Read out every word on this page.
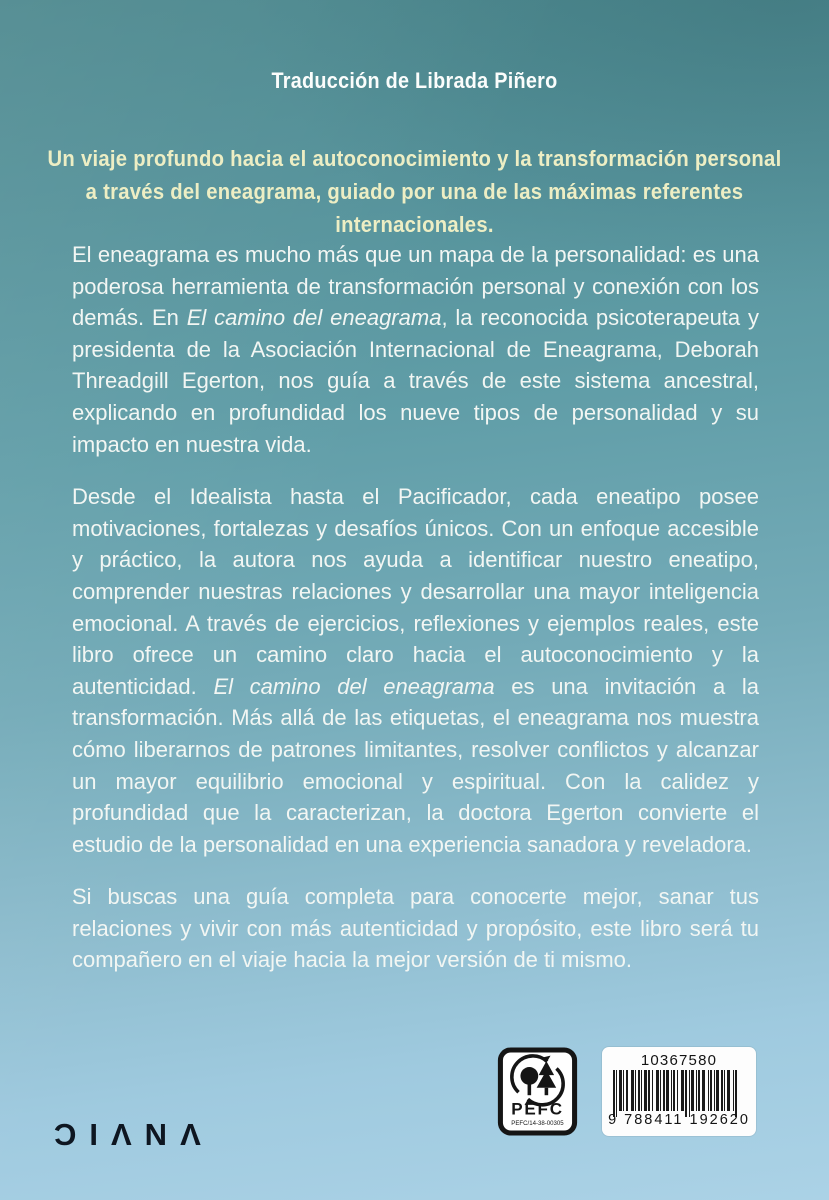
Traducción de Librada Piñero
Un viaje profundo hacia el autoconocimiento y la transformación personal
a través del eneagrama, guiado por una de las máximas referentes internacionales.

El eneagrama es mucho más que un mapa de la personalidad: es una poderosa herramienta de transformación personal y conexión con los demás. En El camino del eneagrama, la reconocida psicoterapeuta y presidenta de la Asociación Internacional de Eneagrama, Deborah Threadgill Egerton, nos guía a través de este sistema ancestral, explicando en profundidad los nueve tipos de personalidad y su impacto en nuestra vida.

Desde el Idealista hasta el Pacificador, cada eneatipo posee motivaciones, fortalezas y desafíos únicos. Con un enfoque accesible y práctico, la autora nos ayuda a identificar nuestro eneatipo, comprender nuestras relaciones y desarrollar una mayor inteligencia emocional. A través de ejercicios, reflexiones y ejemplos reales, este libro ofrece un camino claro hacia el autoconocimiento y la autenticidad. El camino del eneagrama es una invitación a la transformación. Más allá de las etiquetas, el eneagrama nos muestra cómo liberarnos de patrones limitantes, resolver conflictos y alcanzar un mayor equilibrio emocional y espiritual. Con la calidez y profundidad que la caracterizan, la doctora Egerton convierte el estudio de la personalidad en una experiencia sanadora y reveladora.

Si buscas una guía completa para conocerte mejor, sanar tus relaciones y vivir con más autenticidad y propósito, este libro será tu compañero en el viaje hacia la mejor versión de ti mismo.

ƆIΛNΛ
PEFC
PEFC/14-38-00305
10367580
9 788411 192620
